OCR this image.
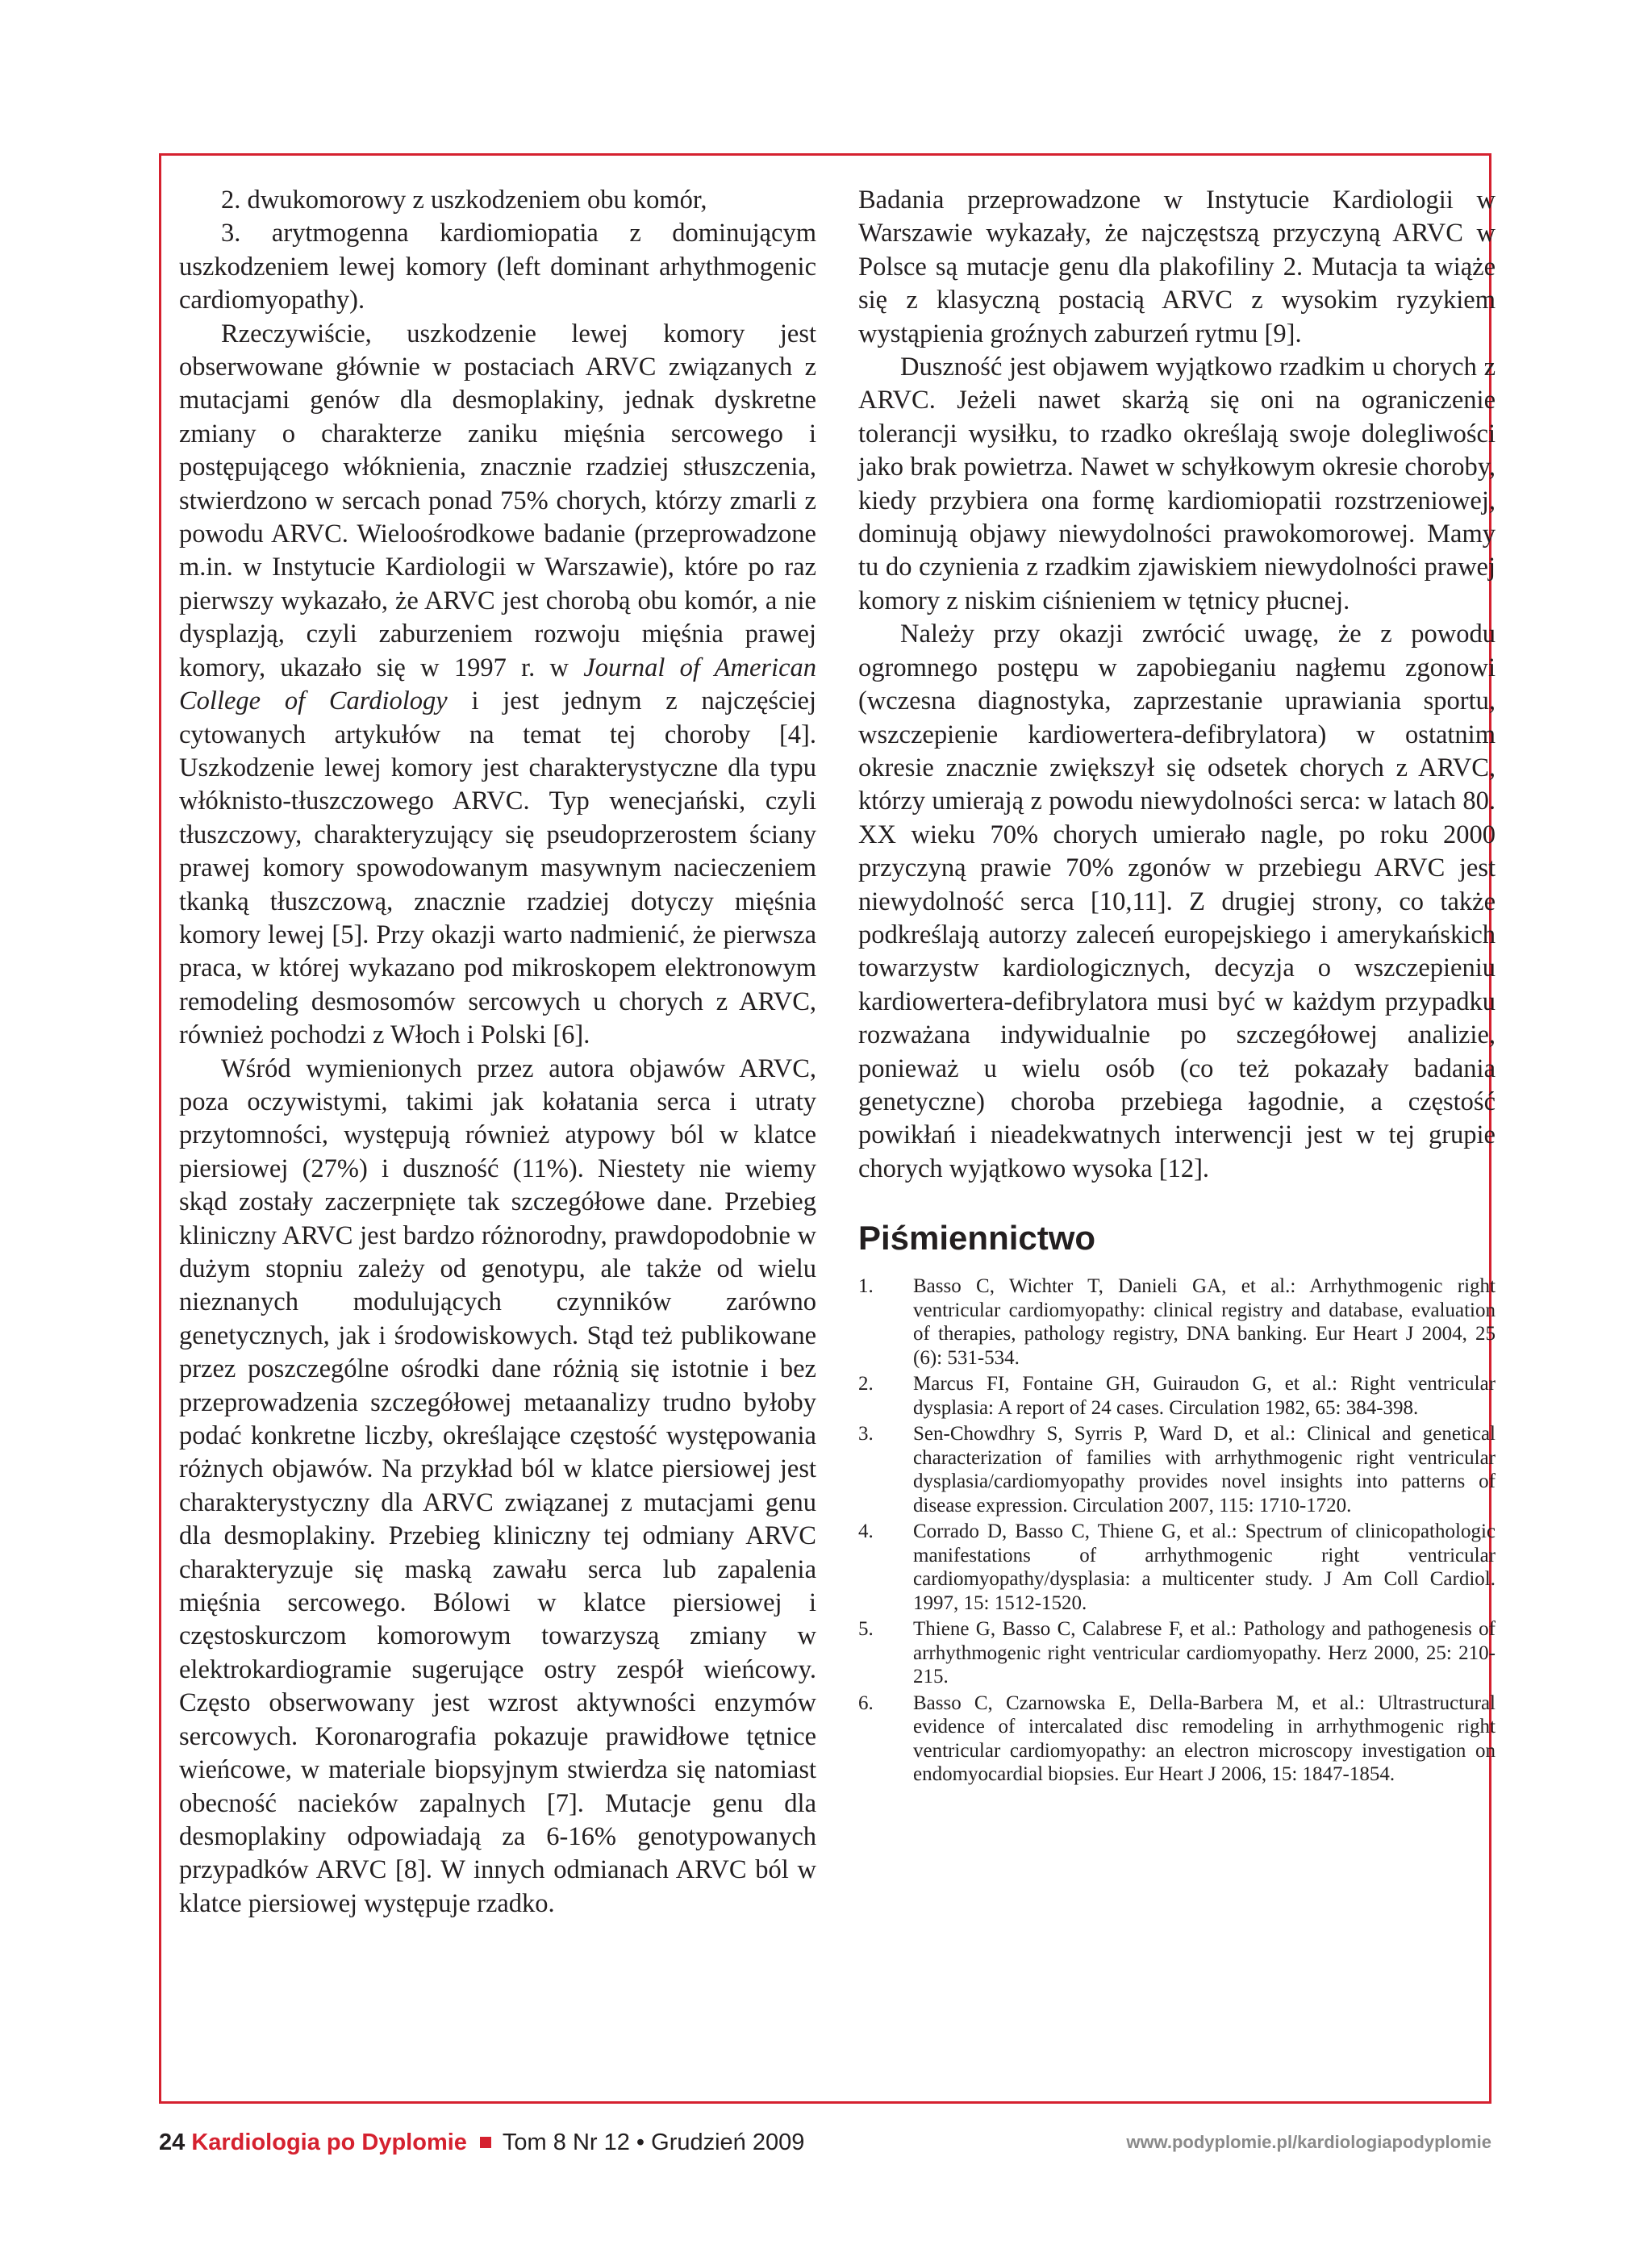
2. dwukomorowy z uszkodzeniem obu komór,

3. arytmogenna kardiomiopatia z dominującym uszkodzeniem lewej komory (left dominant arhythmogenic cardiomyopathy).

Rzeczywiście, uszkodzenie lewej komory jest obserwowane głównie w postaciach ARVC związanych z mutacjami genów dla desmoplakiny, jednak dyskretne zmiany o charakterze zaniku mięśnia sercowego i postępującego włóknienia, znacznie rzadziej stłuszczenia, stwierdzono w sercach ponad 75% chorych, którzy zmarli z powodu ARVC. Wieloośrodkowe badanie (przeprowadzone m.in. w Instytucie Kardiologii w Warszawie), które po raz pierwszy wykazało, że ARVC jest chorobą obu komór, a nie dysplazją, czyli zaburzeniem rozwoju mięśnia prawej komory, ukazało się w 1997 r. w Journal of American College of Cardiology i jest jednym z najczęściej cytowanych artykułów na temat tej choroby [4]. Uszkodzenie lewej komory jest charakterystyczne dla typu włóknisto-tłuszczowego ARVC. Typ wenecjański, czyli tłuszczowy, charakteryzujący się pseudoprzerostem ściany prawej komory spowodowanym masywnym nacieczeniem tkanką tłuszczową, znacznie rzadziej dotyczy mięśnia komory lewej [5]. Przy okazji warto nadmienić, że pierwsza praca, w której wykazano pod mikroskopem elektronowym remodeling desmosomów sercowych u chorych z ARVC, również pochodzi z Włoch i Polski [6].

Wśród wymienionych przez autora objawów ARVC, poza oczywistymi, takimi jak kołatania serca i utraty przytomności, występują również atypowy ból w klatce piersiowej (27%) i duszność (11%). Niestety nie wiemy skąd zostały zaczerpnięte tak szczegółowe dane. Przebieg kliniczny ARVC jest bardzo różnorodny, prawdopodobnie w dużym stopniu zależy od genotypu, ale także od wielu nieznanych modulujących czynników zarówno genetycznych, jak i środowiskowych. Stąd też publikowane przez poszczególne ośrodki dane różnią się istotnie i bez przeprowadzenia szczegółowej metaanalizy trudno byłoby podać konkretne liczby, określające częstość występowania różnych objawów. Na przykład ból w klatce piersiowej jest charakterystyczny dla ARVC związanej z mutacjami genu dla desmoplakiny. Przebieg kliniczny tej odmiany ARVC charakteryzuje się maską zawału serca lub zapalenia mięśnia sercowego. Bólowi w klatce piersiowej i częstoskurczom komorowym towarzyszą zmiany w elektrokardiogramie sugerujące ostry zespół wieńcowy. Często obserwowany jest wzrost aktywności enzymów sercowych. Koronarografia pokazuje prawidłowe tętnice wieńcowe, w materiale biopsyjnym stwierdza się natomiast obecność nacieków zapalnych [7]. Mutacje genu dla desmoplakiny odpowiadają za 6-16% genotypowanych przypadków ARVC [8]. W innych odmianach ARVC ból w klatce piersiowej występuje rzadko.

Badania przeprowadzone w Instytucie Kardiologii w Warszawie wykazały, że najczęstszą przyczyną ARVC w Polsce są mutacje genu dla plakofiliny 2. Mutacja ta wiąże się z klasyczną postacią ARVC z wysokim ryzykiem wystąpienia groźnych zaburzeń rytmu [9].

Duszność jest objawem wyjątkowo rzadkim u chorych z ARVC. Jeżeli nawet skarżą się oni na ograniczenie tolerancji wysiłku, to rzadko określają swoje dolegliwości jako brak powietrza. Nawet w schyłkowym okresie choroby, kiedy przybiera ona formę kardiomiopatii rozstrzeniowej, dominują objawy niewydolności prawokomorowej. Mamy tu do czynienia z rzadkim zjawiskiem niewydolności prawej komory z niskim ciśnieniem w tętnicy płucnej.

Należy przy okazji zwrócić uwagę, że z powodu ogromnego postępu w zapobieganiu nagłemu zgonowi (wczesna diagnostyka, zaprzestanie uprawiania sportu, wszczepienie kardiowertera-defibrylatora) w ostatnim okresie znacznie zwiększył się odsetek chorych z ARVC, którzy umierają z powodu niewydolności serca: w latach 80. XX wieku 70% chorych umierało nagle, po roku 2000 przyczyną prawie 70% zgonów w przebiegu ARVC jest niewydolność serca [10,11]. Z drugiej strony, co także podkreślają autorzy zaleceń europejskiego i amerykańskich towarzystw kardiologicznych, decyzja o wszczepieniu kardiowertera-defibrylatora musi być w każdym przypadku rozważana indywidualnie po szczegółowej analizie, ponieważ u wielu osób (co też pokazały badania genetyczne) choroba przebiega łagodnie, a częstość powikłań i nieadekwatnych interwencji jest w tej grupie chorych wyjątkowo wysoka [12].

Piśmiennictwo
1.	Basso C, Wichter T, Danieli GA, et al.: Arrhythmogenic right ventricular cardiomyopathy: clinical registry and database, evaluation of therapies, pathology registry, DNA banking. Eur Heart J 2004, 25 (6): 531-534.
2.	Marcus FI, Fontaine GH, Guiraudon G, et al.: Right ventricular dysplasia: A report of 24 cases. Circulation 1982, 65: 384-398.
3.	Sen-Chowdhry S, Syrris P, Ward D, et al.: Clinical and genetical characterization of families with arrhythmogenic right ventricular dysplasia/cardiomyopathy provides novel insights into patterns of disease expression. Circulation 2007, 115: 1710-1720.
4.	Corrado D, Basso C, Thiene G, et al.: Spectrum of clinicopathologic manifestations of arrhythmogenic right ventricular cardiomyopathy/dysplasia: a multicenter study. J Am Coll Cardiol. 1997, 15: 1512-1520.
5.	Thiene G, Basso C, Calabrese F, et al.: Pathology and pathogenesis of arrhythmogenic right ventricular cardiomyopathy. Herz 2000, 25: 210-215.
6.	Basso C, Czarnowska E, Della-Barbera M, et al.: Ultrastructural evidence of intercalated disc remodeling in arrhythmogenic right ventricular cardiomyopathy: an electron microscopy investigation on endomyocardial biopsies. Eur Heart J 2006, 15: 1847-1854.
24 Kardiologia po Dyplomie Tom 8 Nr 12 • Grudzień 2009	www.podyplomie.pl/kardiologiapodyplomie
